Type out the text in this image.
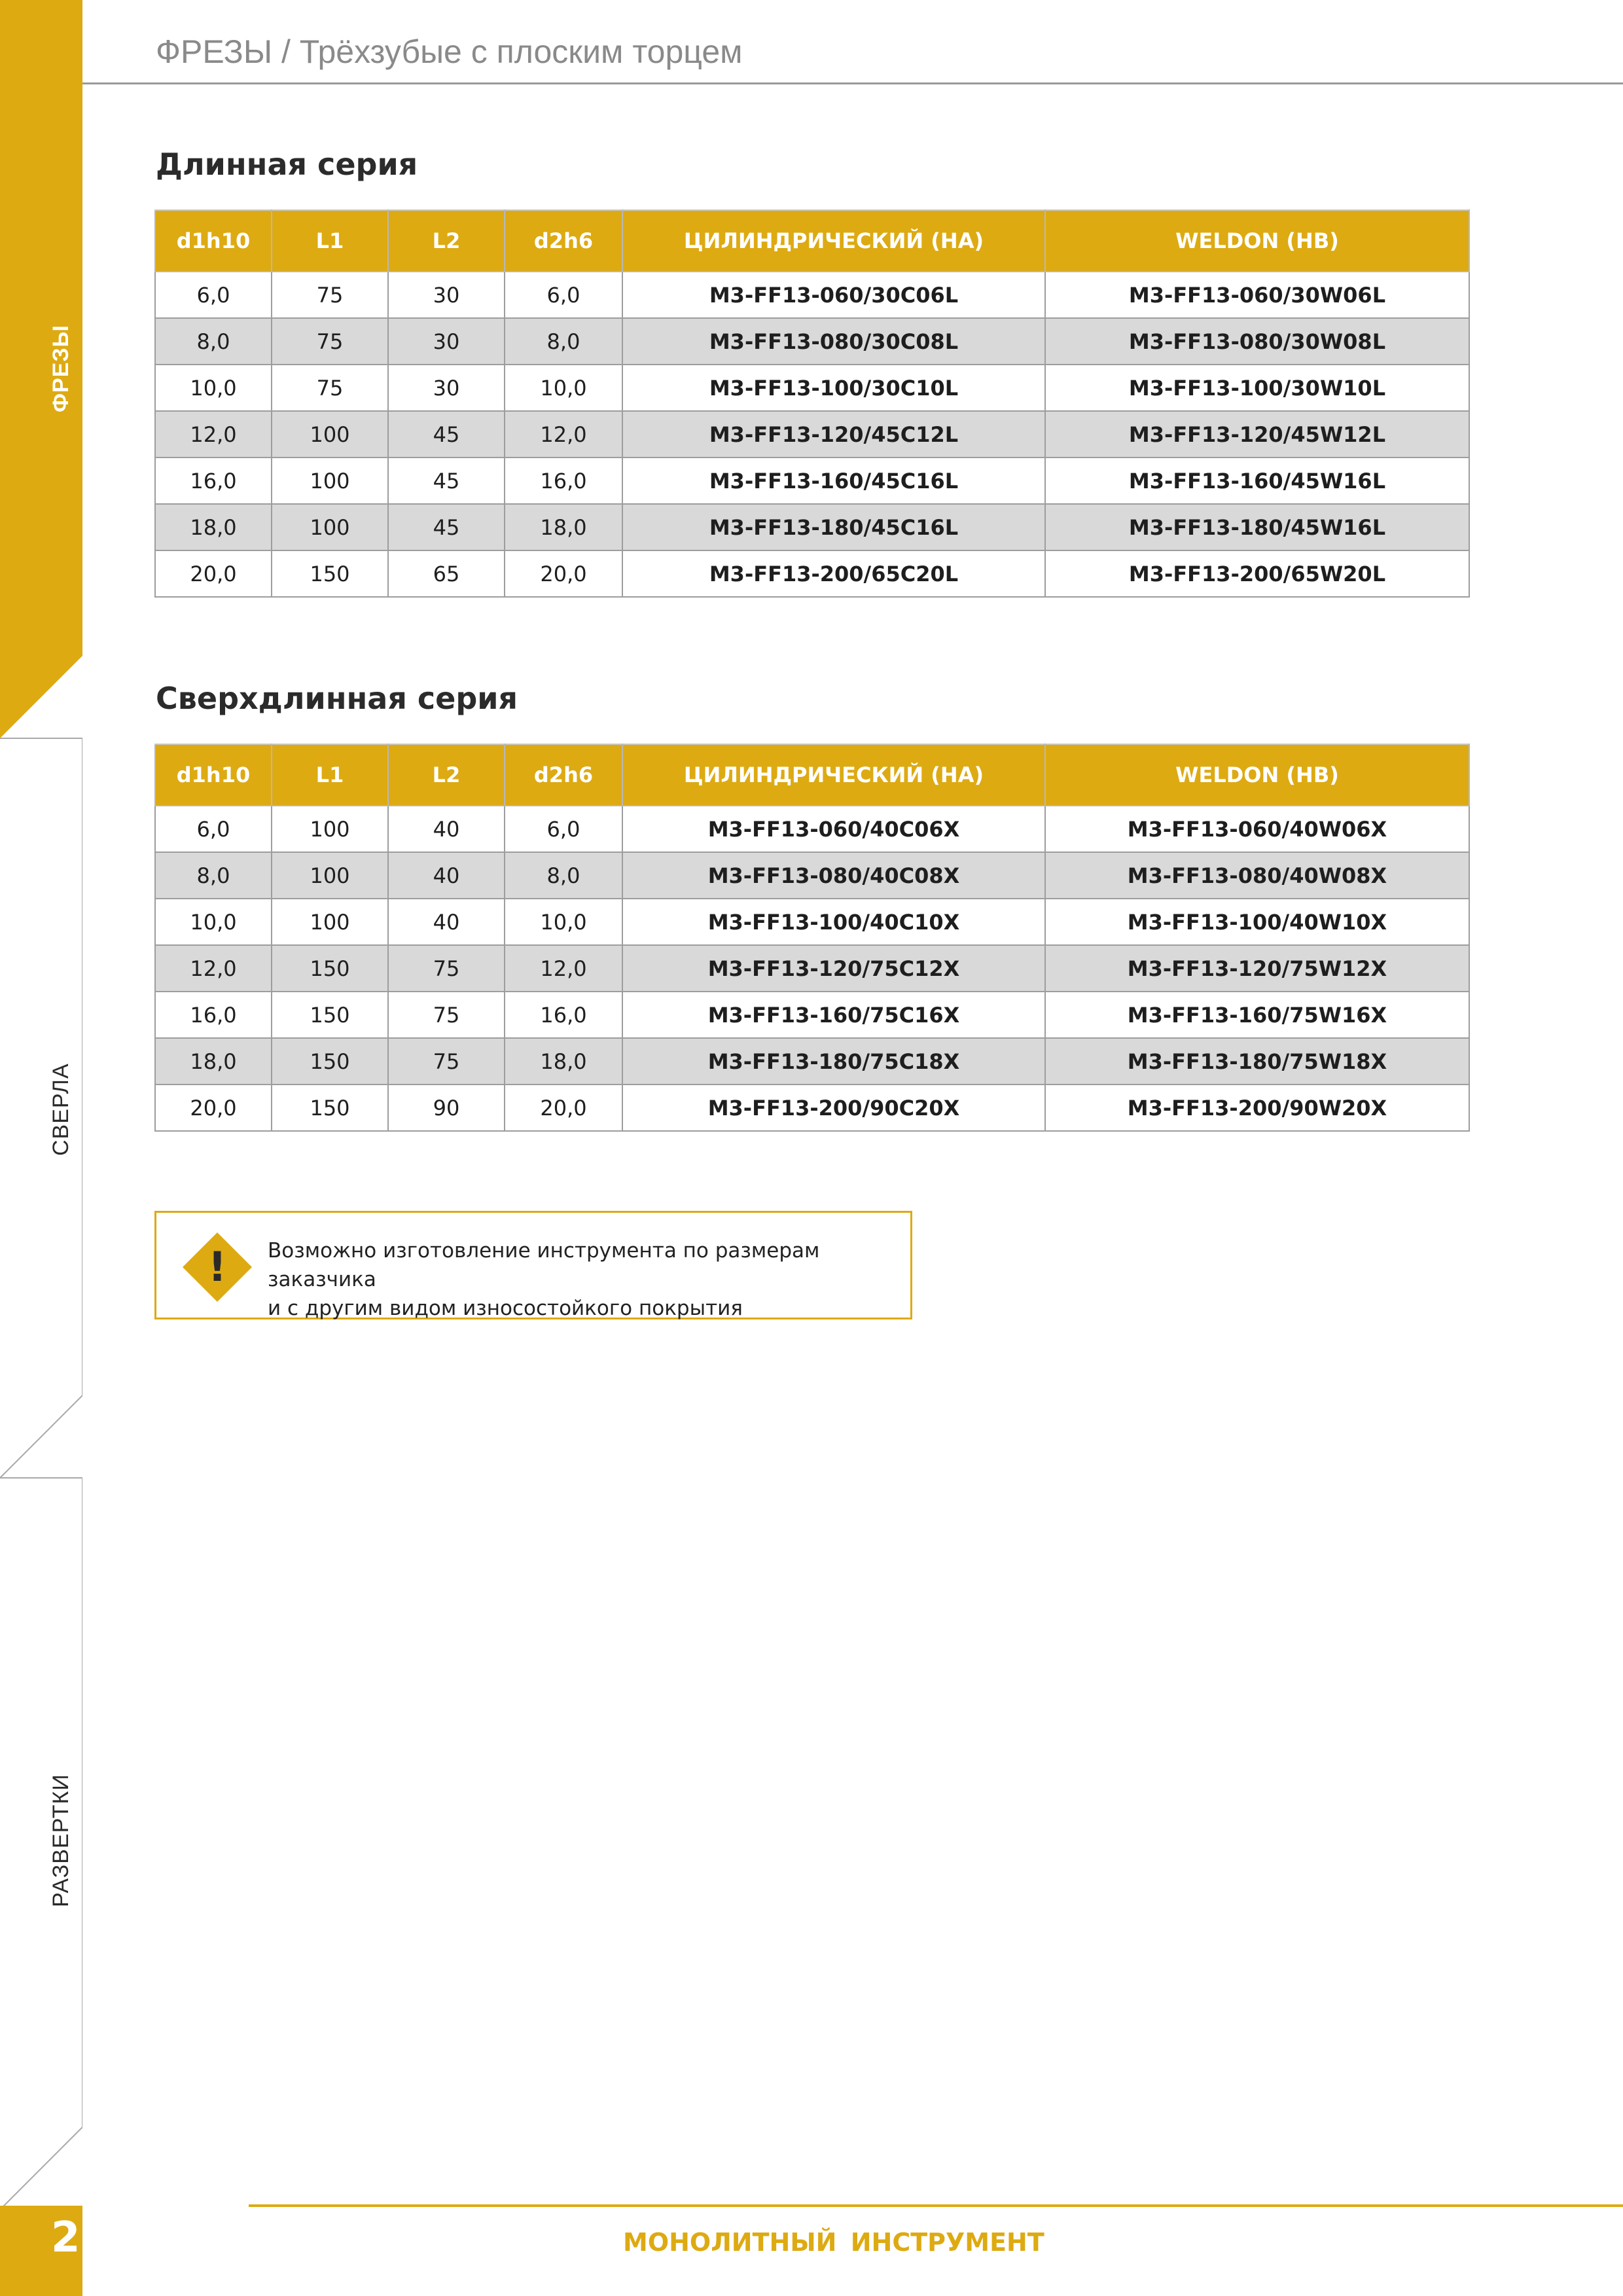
ФРЕЗЫ
СВЕРЛА
РАЗВЕРТКИ
ФРЕЗЫ / Трёхзубые с плоским торцем
Длинная серия
d1h10	L1	L2	d2h6	ЦИЛИНДРИЧЕСКИЙ (HA)	WELDON (HB)
6,0	75	30	6,0	M3-FF13-060/30C06L	M3-FF13-060/30W06L
8,0	75	30	8,0	M3-FF13-080/30C08L	M3-FF13-080/30W08L
10,0	75	30	10,0	M3-FF13-100/30C10L	M3-FF13-100/30W10L
12,0	100	45	12,0	M3-FF13-120/45C12L	M3-FF13-120/45W12L
16,0	100	45	16,0	M3-FF13-160/45C16L	M3-FF13-160/45W16L
18,0	100	45	18,0	M3-FF13-180/45C16L	M3-FF13-180/45W16L
20,0	150	65	20,0	M3-FF13-200/65C20L	M3-FF13-200/65W20L
Сверхдлинная серия
d1h10	L1	L2	d2h6	ЦИЛИНДРИЧЕСКИЙ (HA)	WELDON (HB)
6,0	100	40	6,0	M3-FF13-060/40C06X	M3-FF13-060/40W06X
8,0	100	40	8,0	M3-FF13-080/40C08X	M3-FF13-080/40W08X
10,0	100	40	10,0	M3-FF13-100/40C10X	M3-FF13-100/40W10X
12,0	150	75	12,0	M3-FF13-120/75C12X	M3-FF13-120/75W12X
16,0	150	75	16,0	M3-FF13-160/75C16X	M3-FF13-160/75W16X
18,0	150	75	18,0	M3-FF13-180/75C18X	M3-FF13-180/75W18X
20,0	150	90	20,0	M3-FF13-200/90C20X	M3-FF13-200/90W20X
!	Возможно изготовление инструмента по размерам заказчика
и с другим видом износостойкого покрытия
28	МОНОЛИТНЫЙ ИНСТРУМЕНТ
